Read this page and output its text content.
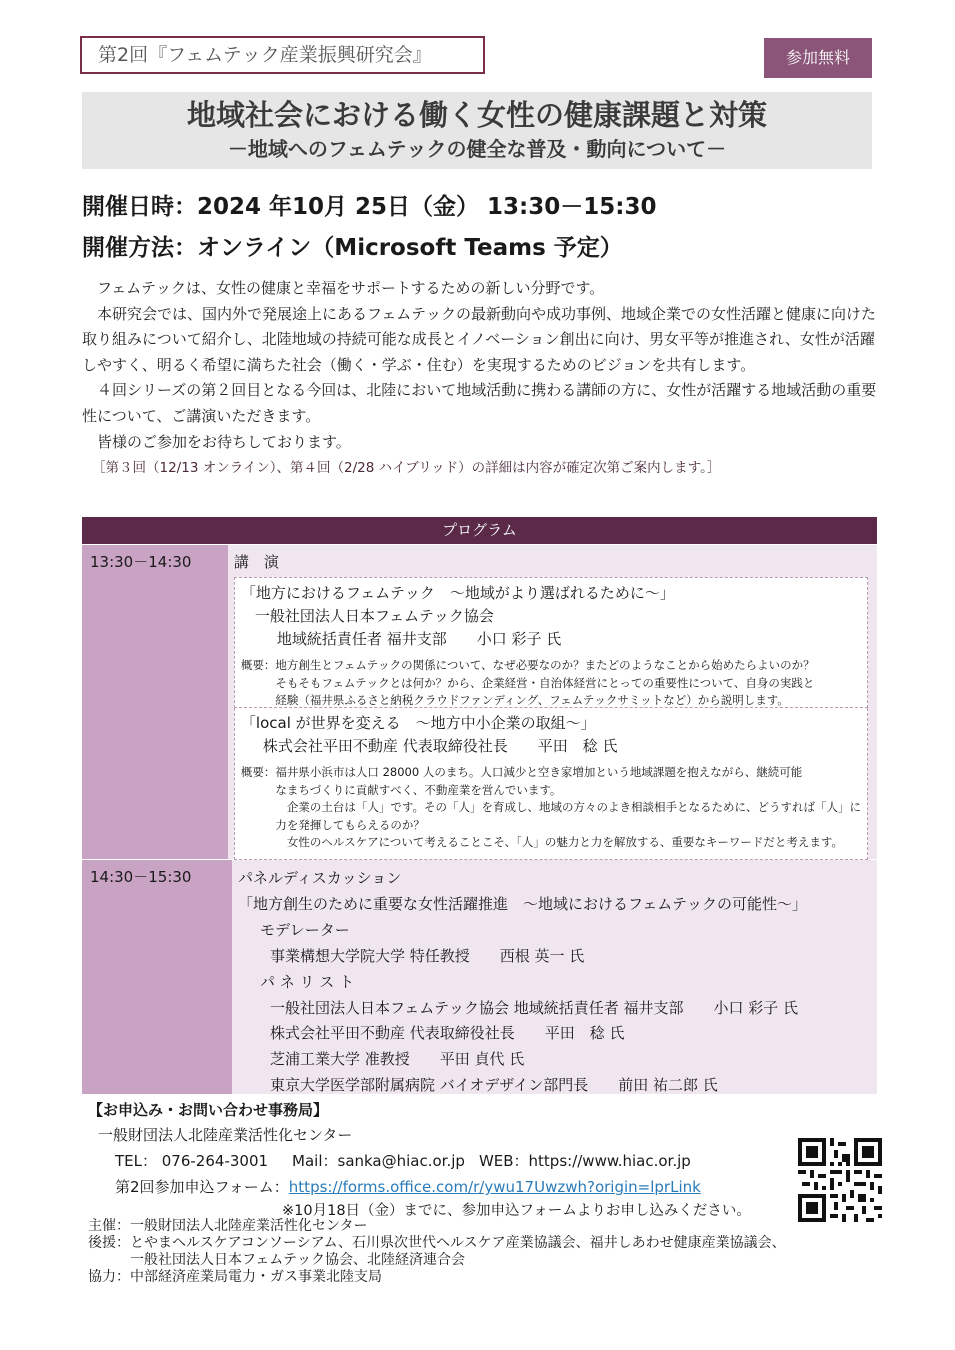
第2回『フェムテック産業振興研究会』	参加無料
地域社会における働く女性の健康課題と対策
－地域へのフェムテックの健全な普及・動向について－
開催日時：2024 年10月 25日（金） 13:30－15:30
開催方法：オンライン（Microsoft Teams 予定）

フェムテックは、女性の健康と幸福をサポートするための新しい分野です。

本研究会では、国内外で発展途上にあるフェムテックの最新動向や成功事例、地域企業での女性活躍と健康に向けた取り組みについて紹介し、北陸地域の持続可能な成長とイノベーション創出に向け、男女平等が推進され、女性が活躍しやすく、明るく希望に満ちた社会（働く・学ぶ・住む）を実現するためのビジョンを共有します。

４回シリーズの第２回目となる今回は、北陸において地域活動に携わる講師の方に、女性が活躍する地域活動の重要性について、ご講演いただきます。

皆様のご参加をお待ちしております。

［第３回（12/13 オンライン）、第４回（2/28 ハイブリッド）の詳細は内容が確定次第ご案内します。］

プログラム
13:30－14:30	講　演
「地方におけるフェムテック　～地域がより選ばれるために～」
一般社団法人日本フェムテック協会
地域統括責任者 福井支部　　小口 彩子 氏
概要： 地方創生とフェムテックの関係について、なぜ必要なのか？またどのようなことから始めたらよいのか？
そもそもフェムテックとは何か？から、企業経営・自治体経営にとっての重要性について、自身の実践と
経験（福井県ふるさと納税クラウドファンディング、フェムテックサミットなど）から説明します。
「local が世界を変える　～地方中小企業の取組～」
株式会社平田不動産 代表取締役社長　　平田　稔 氏
概要： 福井県小浜市は人口 28000 人のまち。人口減少と空き家増加という地域課題を抱えながら、継続可能
なまちづくりに貢献すべく、不動産業を営んでいます。
　企業の土台は「人」です。その「人」を育成し、地域の方々のよき相談相手となるために、どうすれば「人」に
力を発揮してもらえるのか？
　女性のヘルスケアについて考えることこそ、「人」の魅力と力を解放する、重要なキーワードだと考えます。
14:30－15:30	パネルディスカッション
「地方創生のために重要な女性活躍推進　～地域におけるフェムテックの可能性～」
モデレーター
事業構想大学院大学 特任教授　　西根 英一 氏
パ ネ リ ス ト
一般社団法人日本フェムテック協会 地域統括責任者 福井支部　　小口 彩子 氏
株式会社平田不動産 代表取締役社長　　平田　稔 氏
芝浦工業大学 准教授　　平田 貞代 氏
東京大学医学部附属病院 バイオデザイン部門長　　前田 祐二郎 氏
【お申込み・お問い合わせ事務局】
一般財団法人北陸産業活性化センター
TEL： 076-264-3001 Mail：sanka@hiac.or.jp WEB：https://www.hiac.or.jp
第2回参加申込フォーム：https://forms.office.com/r/ywu17Uwzwh?origin=lprLink
※10月18日（金）までに、参加申込フォームよりお申し込みください。
主催：一般財団法人北陸産業活性化センター
後援：とやまヘルスケアコンソーシアム、石川県次世代ヘルスケア産業協議会、福井しあわせ健康産業協議会、
一般社団法人日本フェムテック協会、北陸経済連合会
協力：中部経済産業局電力・ガス事業北陸支局
